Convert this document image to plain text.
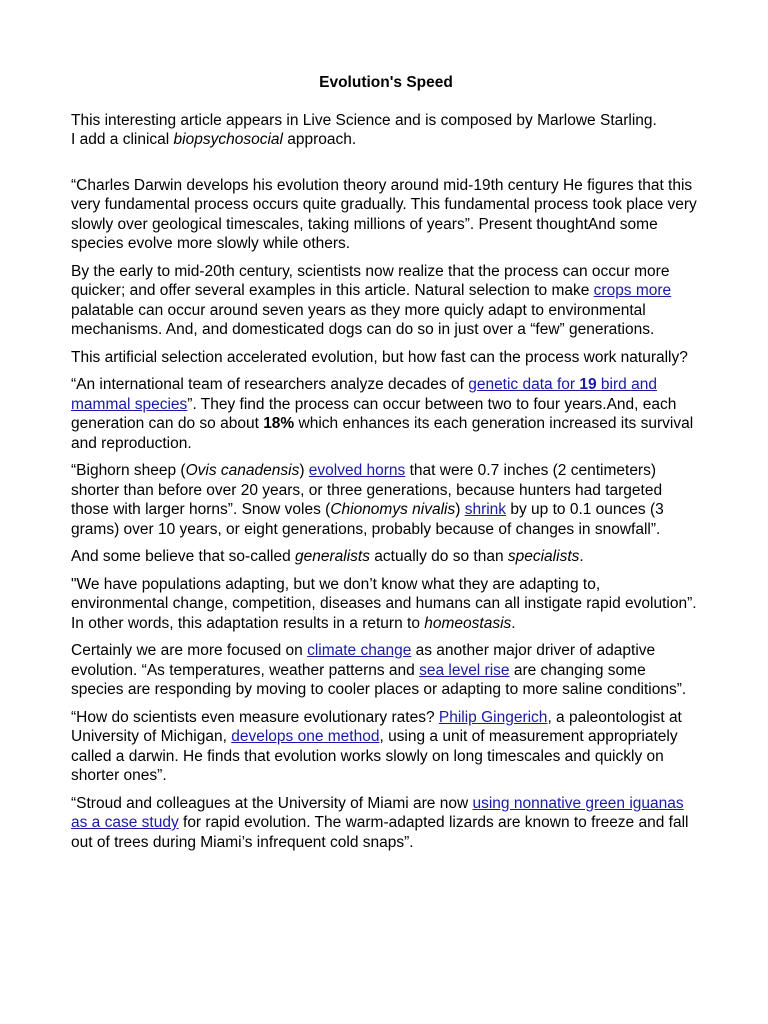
Evolution's Speed

This interesting article appears in Live Science and is composed by Marlowe Starling.
I add a clinical biopsychosocial approach.

“Charles Darwin develops his evolution theory around mid-19th century He figures that this very fundamental process occurs quite gradually. This fundamental process took place very slowly over geological timescales, taking millions of years”. Present thoughtAnd some species evolve more slowly while others.

By the early to mid-20th century, scientists now realize that the process can occur more quicker; and offer several examples in this article. Natural selection to make crops more palatable can occur around seven years as they more quicly adapt to environmental mechanisms. And, and domesticated dogs can do so in just over a “few” generations.

This artificial selection accelerated evolution, but how fast can the process work naturally?

“An international team of researchers analyze decades of genetic data for 19 bird and mammal species”. They find the process can occur between two to four years.And, each generation can do so about 18% which enhances its each generation increased its survival and reproduction.

“Bighorn sheep (Ovis canadensis) evolved horns that were 0.7 inches (2 centimeters) shorter than before over 20 years, or three generations, because hunters had targeted those with larger horns”. Snow voles (Chionomys nivalis) shrink by up to 0.1 ounces (3 grams) over 10 years, or eight generations, probably because of changes in snowfall”.

And some believe that so-called generalists actually do so than specialists.

"We have populations adapting, but we don’t know what they are adapting to, environmental change, competition, diseases and humans can all instigate rapid evolution”. In other words, this adaptation results in a return to homeostasis.

Certainly we are more focused on climate change as another major driver of adaptive evolution. “As temperatures, weather patterns and sea level rise are changing some species are responding by moving to cooler places or adapting to more saline conditions”.

“How do scientists even measure evolutionary rates? Philip Gingerich, a paleontologist at University of Michigan, develops one method, using a unit of measurement appropriately called a darwin. He finds that evolution works slowly on long timescales and quickly on shorter ones”.

“Stroud and colleagues at the University of Miami are now using nonnative green iguanas as a case study for rapid evolution. The warm-adapted lizards are known to freeze and fall out of trees during Miami’s infrequent cold snaps”.
